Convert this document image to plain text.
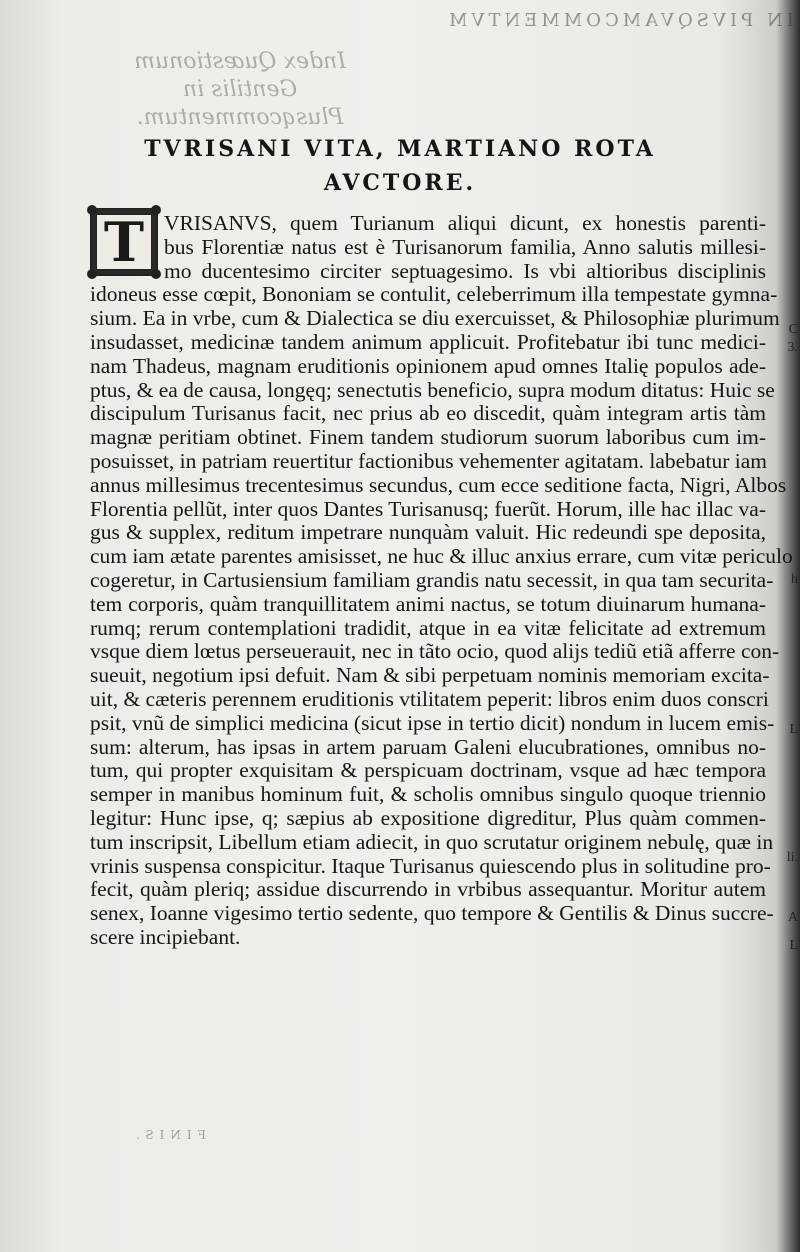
IN PIVSQVAMCOMMENTVM
Index Quæstionum Gentilis in
Plusqcommentum.
FINIS.
TVRISANI VITA, MARTIANO ROTA
AVCTORE.
T VRISANVS, quem Turianum aliqui dicunt, ex honestis parenti-
bus Florentiæ natus est è Turisanorum familia, Anno salutis millesi-
mo ducentesimo circiter septuagesimo. Is vbi altioribus disciplinis
idoneus esse cœpit, Bononiam se contulit, celeberrimum illa tempestate gymna-
sium. Ea in vrbe, cum & Dialectica se diu exercuisset, & Philosophiæ plurimum
insudasset, medicinæ tandem animum applicuit. Profitebatur ibi tunc medici-
nam Thadeus, magnam eruditionis opinionem apud omnes Italię populos ade-
ptus, & ea de causa, longęq; senectutis beneficio, supra modum ditatus: Huic se
discipulum Turisanus facit, nec prius ab eo discedit, quàm integram artis tàm
magnæ peritiam obtinet. Finem tandem studiorum suorum laboribus cum im-
posuisset, in patriam reuertitur factionibus vehementer agitatam. labebatur iam
annus millesimus trecentesimus secundus, cum ecce seditione facta, Nigri, Albos
Florentia pellũt, inter quos Dantes Turisanusq; fuerũt. Horum, ille hac illac va-
gus & supplex, reditum impetrare nunquàm valuit. Hic redeundi spe deposita,
cum iam ætate parentes amisisset, ne huc & illuc anxius errare, cum vitæ periculo
cogeretur, in Cartusiensium familiam grandis natu secessit, in qua tam securita-
tem corporis, quàm tranquillitatem animi nactus, se totum diuinarum humana-
rumq; rerum contemplationi tradidit, atque in ea vitæ felicitate ad extremum
vsque diem lœtus perseuerauit, nec in tãto ocio, quod alijs tediũ etiã afferre con-
sueuit, negotium ipsi defuit. Nam & sibi perpetuam nominis memoriam excita-
uit, & cæteris perennem eruditionis vtilitatem peperit: libros enim duos conscri
psit, vnũ de simplici medicina (sicut ipse in tertio dicit) nondum in lucem emis-
sum: alterum, has ipsas in artem paruam Galeni elucubrationes, omnibus no-
tum, qui propter exquisitam & perspicuam doctrinam, vsque ad hæc tempora
semper in manibus hominum fuit, & scholis omnibus singulo quoque triennio
legitur: Hunc ipse, q; sæpius ab expositione digreditur, Plus quàm commen-
tum inscripsit, Libellum etiam adiecit, in quo scrutatur originem nebulę, quæ in
vrinis suspensa conspicitur. Itaque Turisanus quiescendo plus in solitudine pro-
fecit, quàm pleriq; assidue discurrendo in vrbibus assequantur. Moritur autem
senex, Ioanne vigesimo tertio sedente, quo tempore & Gentilis & Dinus succre-
scere incipiebant.
C
3.
h
L
li.
A
L
